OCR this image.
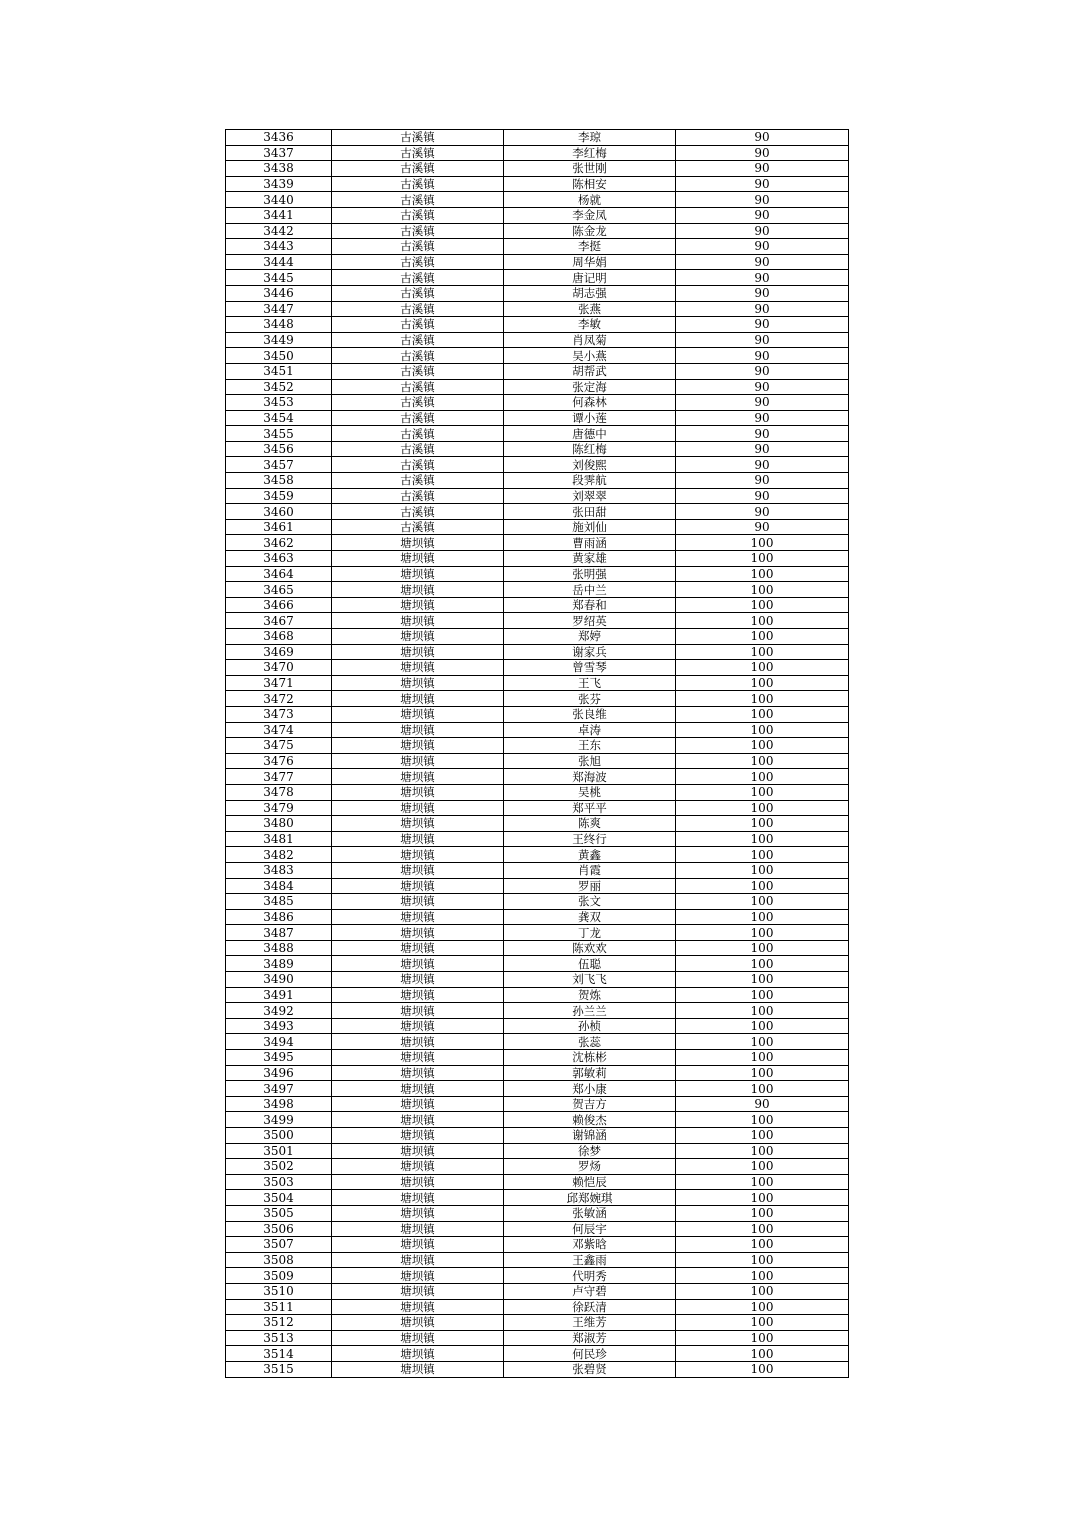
3436	古溪镇	李琼	90
3437	古溪镇	李红梅	90
3438	古溪镇	张世刚	90
3439	古溪镇	陈相安	90
3440	古溪镇	杨就	90
3441	古溪镇	李金凤	90
3442	古溪镇	陈金龙	90
3443	古溪镇	李挺	90
3444	古溪镇	周华娟	90
3445	古溪镇	唐记明	90
3446	古溪镇	胡志强	90
3447	古溪镇	张燕	90
3448	古溪镇	李敏	90
3449	古溪镇	肖凤菊	90
3450	古溪镇	吴小燕	90
3451	古溪镇	胡帮武	90
3452	古溪镇	张定海	90
3453	古溪镇	何森林	90
3454	古溪镇	谭小莲	90
3455	古溪镇	唐德中	90
3456	古溪镇	陈红梅	90
3457	古溪镇	刘俊熙	90
3458	古溪镇	段霁航	90
3459	古溪镇	刘翠翠	90
3460	古溪镇	张田甜	90
3461	古溪镇	施刘仙	90
3462	塘坝镇	曹雨涵	100
3463	塘坝镇	黄家雄	100
3464	塘坝镇	张明强	100
3465	塘坝镇	岳中兰	100
3466	塘坝镇	郑春和	100
3467	塘坝镇	罗绍英	100
3468	塘坝镇	郑婷	100
3469	塘坝镇	谢家兵	100
3470	塘坝镇	曾雪琴	100
3471	塘坝镇	王飞	100
3472	塘坝镇	张芬	100
3473	塘坝镇	张良维	100
3474	塘坝镇	卓涛	100
3475	塘坝镇	王东	100
3476	塘坝镇	张旭	100
3477	塘坝镇	郑海波	100
3478	塘坝镇	吴桃	100
3479	塘坝镇	郑平平	100
3480	塘坝镇	陈爽	100
3481	塘坝镇	王终行	100
3482	塘坝镇	黄鑫	100
3483	塘坝镇	肖霞	100
3484	塘坝镇	罗丽	100
3485	塘坝镇	张文	100
3486	塘坝镇	龚双	100
3487	塘坝镇	丁龙	100
3488	塘坝镇	陈欢欢	100
3489	塘坝镇	伍聪	100
3490	塘坝镇	刘飞飞	100
3491	塘坝镇	贺炼	100
3492	塘坝镇	孙兰兰	100
3493	塘坝镇	孙桢	100
3494	塘坝镇	张蕊	100
3495	塘坝镇	沈栋彬	100
3496	塘坝镇	郭敏莉	100
3497	塘坝镇	郑小康	100
3498	塘坝镇	贺吉方	90
3499	塘坝镇	赖俊杰	100
3500	塘坝镇	谢锦涵	100
3501	塘坝镇	徐梦	100
3502	塘坝镇	罗炀	100
3503	塘坝镇	赖恺辰	100
3504	塘坝镇	邱郑婉琪	100
3505	塘坝镇	张敏涵	100
3506	塘坝镇	何辰宇	100
3507	塘坝镇	邓紫晗	100
3508	塘坝镇	王鑫雨	100
3509	塘坝镇	代明秀	100
3510	塘坝镇	卢守碧	100
3511	塘坝镇	徐跃清	100
3512	塘坝镇	王维芳	100
3513	塘坝镇	郑淑芳	100
3514	塘坝镇	何民珍	100
3515	塘坝镇	张碧贤	100
